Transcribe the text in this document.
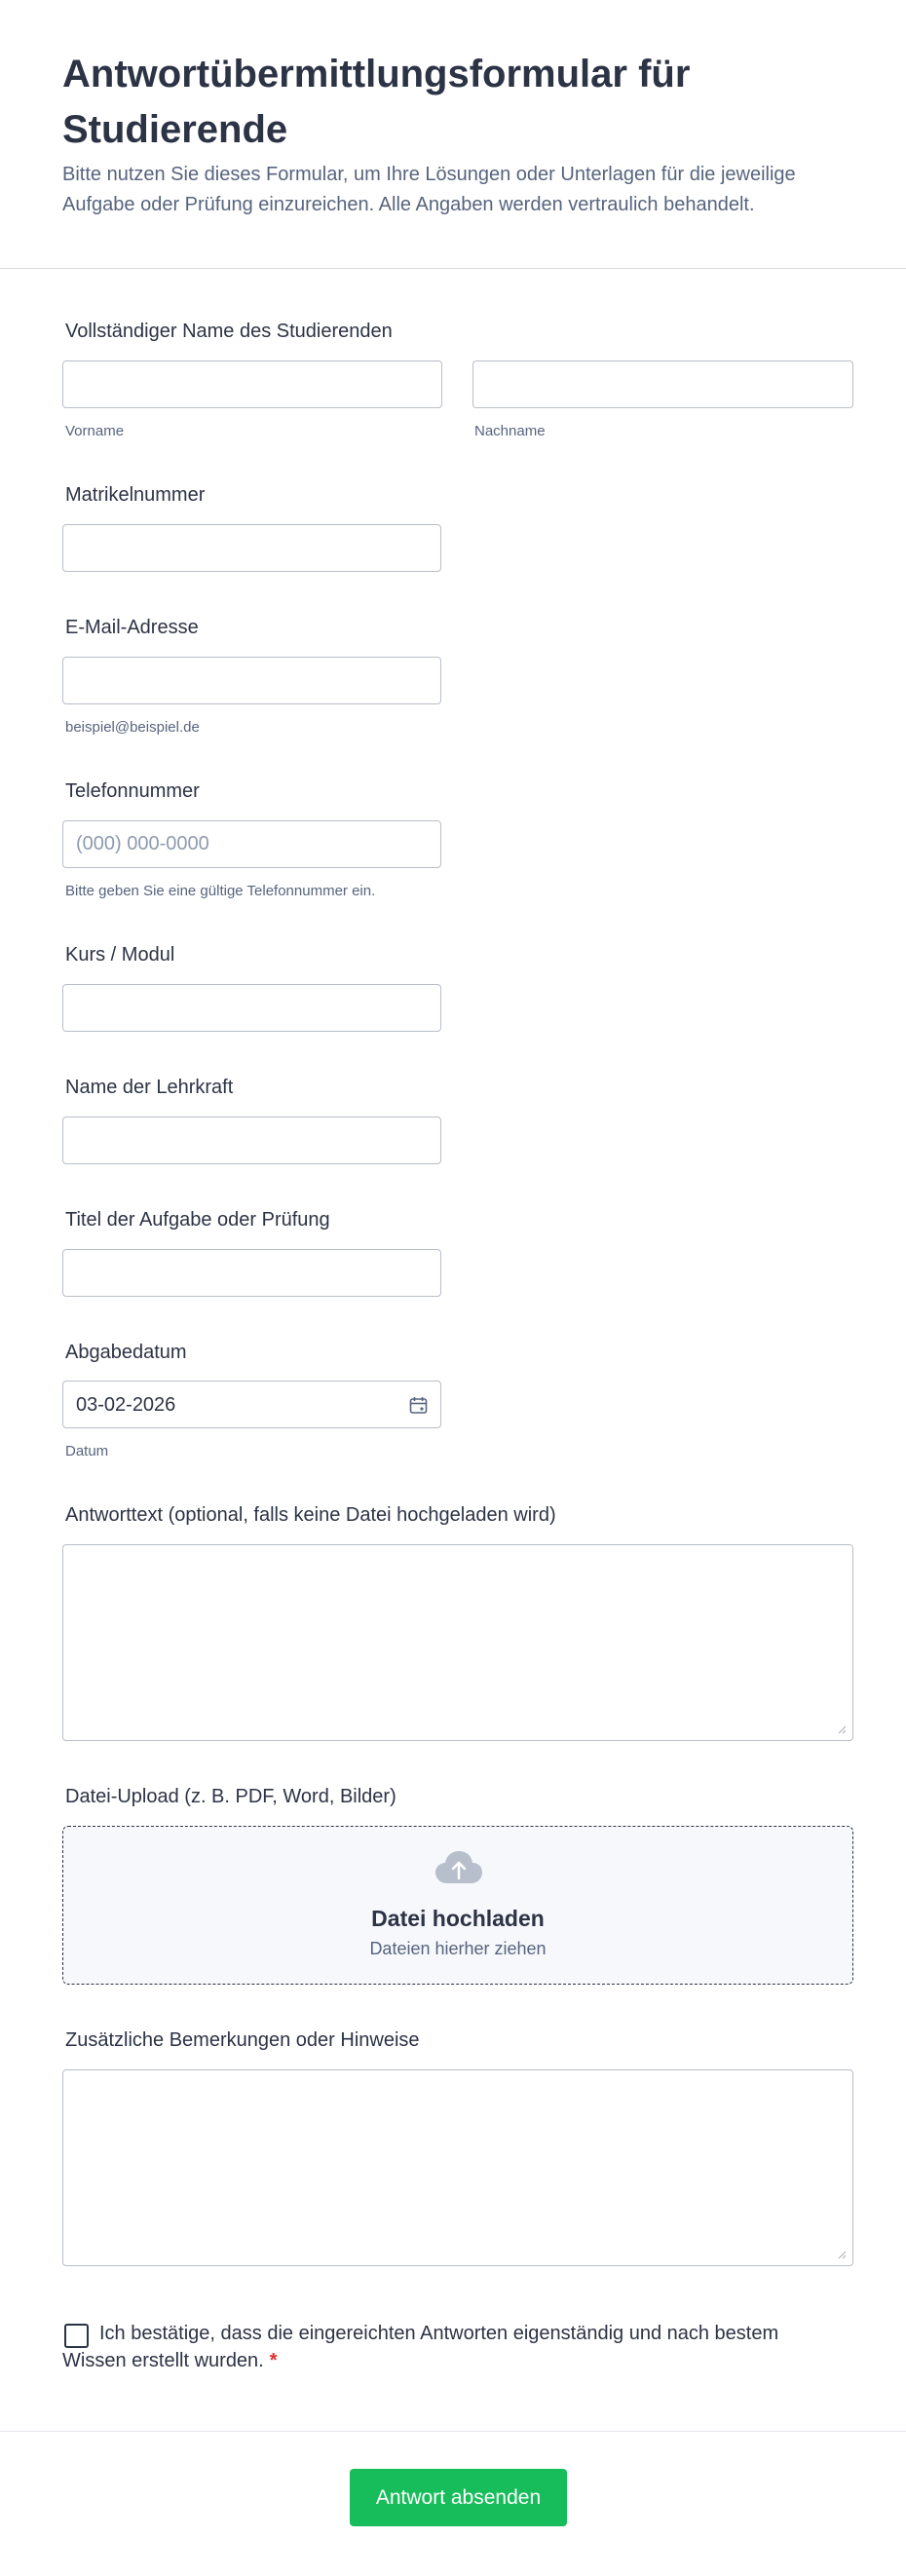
Antwortübermittlungsformular für Studierende

Bitte nutzen Sie dieses Formular, um Ihre Lösungen oder Unterlagen für die jeweilige Aufgabe oder Prüfung einzureichen. Alle Angaben werden vertraulich behandelt.

Vollständiger Name des Studierenden
Vorname	Nachname
Matrikelnummer
E-Mail-Adresse
beispiel@beispiel.de
Telefonnummer
(000) 000-0000
Bitte geben Sie eine gültige Telefonnummer ein.
Kurs / Modul
Name der Lehrkraft
Titel der Aufgabe oder Prüfung
Abgabedatum
03-02-2026
Datum
Antworttext (optional, falls keine Datei hochgeladen wird)
Datei-Upload (z. B. PDF, Word, Bilder)
Datei hochladen
Dateien hierher ziehen
Zusätzliche Bemerkungen oder Hinweise

Ich bestätige, dass die eingereichten Antworten eigenständig und nach bestem Wissen erstellt wurden. *

Antwort absenden
